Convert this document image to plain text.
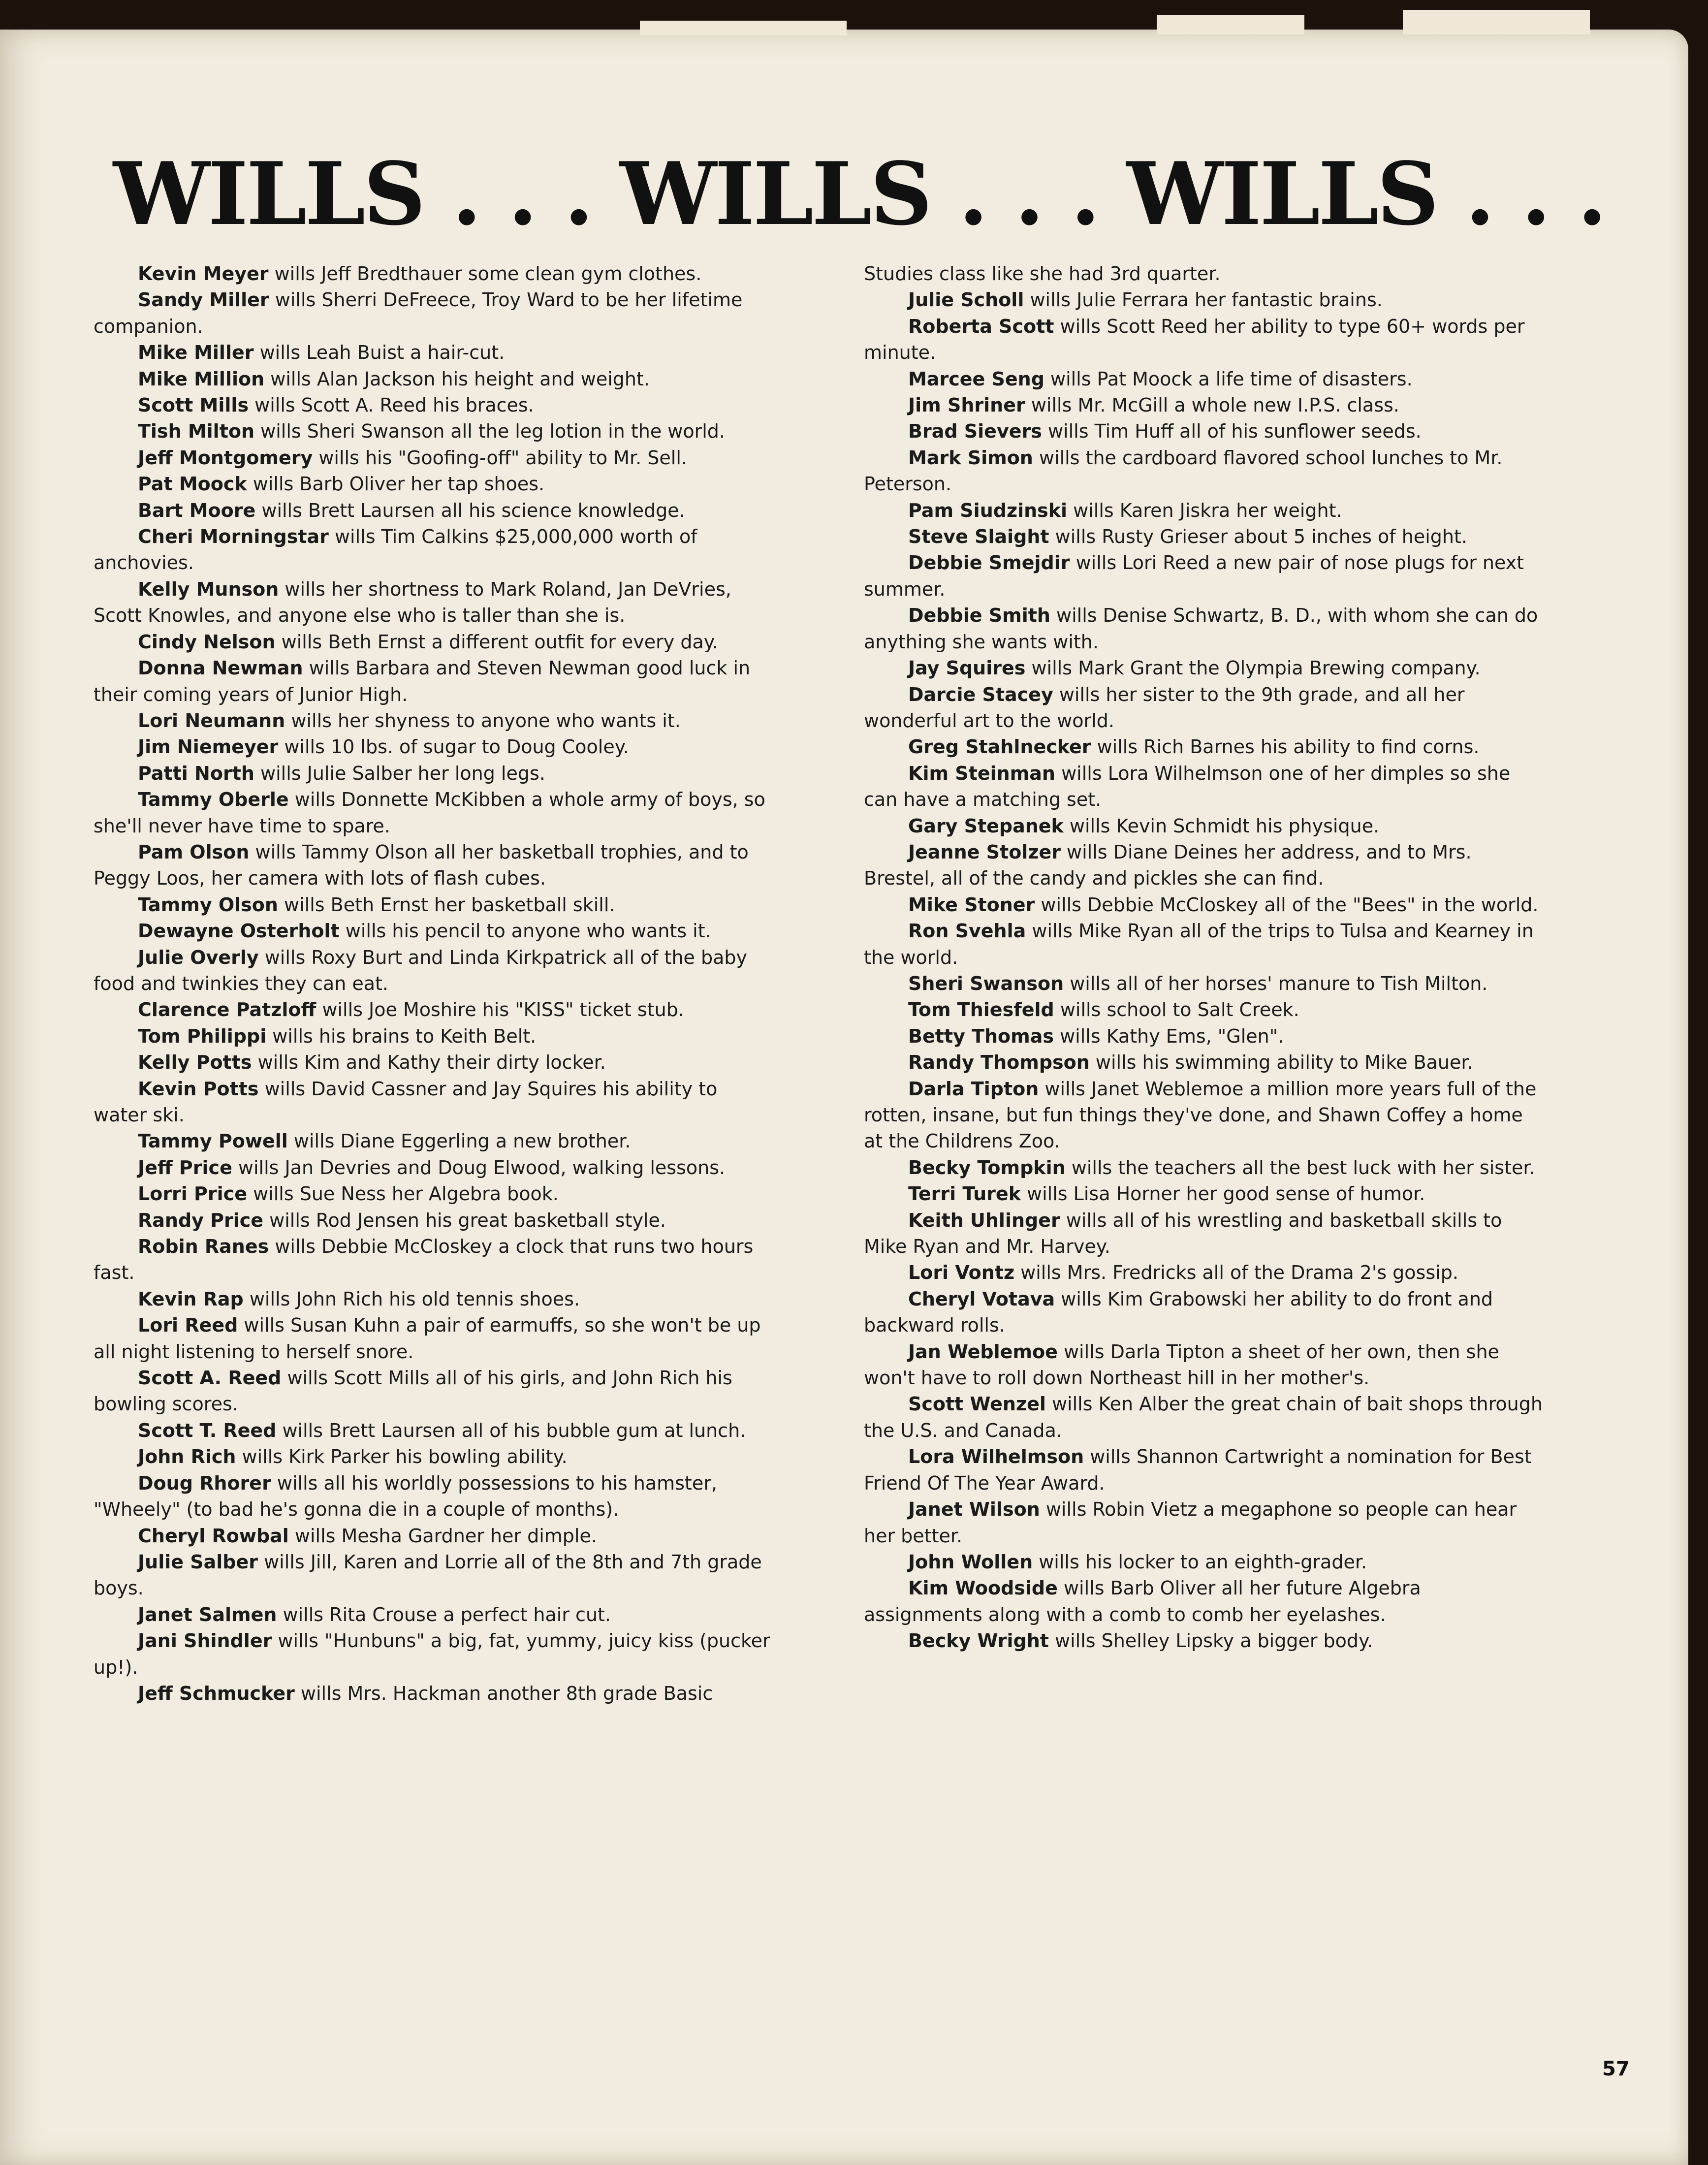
WILLS . . . WILLS . . . WILLS . . .

Kevin Meyer wills Jeff Bredthauer some clean gym clothes.

Sandy Miller wills Sherri DeFreece, Troy Ward to be her lifetime companion.

Mike Miller wills Leah Buist a hair-cut.

Mike Million wills Alan Jackson his height and weight.

Scott Mills wills Scott A. Reed his braces.

Tish Milton wills Sheri Swanson all the leg lotion in the world.

Jeff Montgomery wills his "Goofing-off" ability to Mr. Sell.

Pat Moock wills Barb Oliver her tap shoes.

Bart Moore wills Brett Laursen all his science knowledge.

Cheri Morningstar wills Tim Calkins $25,000,000 worth of anchovies.

Kelly Munson wills her shortness to Mark Roland, Jan DeVries, Scott Knowles, and anyone else who is taller than she is.

Cindy Nelson wills Beth Ernst a different outfit for every day.

Donna Newman wills Barbara and Steven Newman good luck in their coming years of Junior High.

Lori Neumann wills her shyness to anyone who wants it.

Jim Niemeyer wills 10 lbs. of sugar to Doug Cooley.

Patti North wills Julie Salber her long legs.

Tammy Oberle wills Donnette McKibben a whole army of boys, so she'll never have time to spare.

Pam Olson wills Tammy Olson all her basketball trophies, and to Peggy Loos, her camera with lots of flash cubes.

Tammy Olson wills Beth Ernst her basketball skill.

Dewayne Osterholt wills his pencil to anyone who wants it.

Julie Overly wills Roxy Burt and Linda Kirkpatrick all of the baby food and twinkies they can eat.

Clarence Patzloff wills Joe Moshire his "KISS" ticket stub.

Tom Philippi wills his brains to Keith Belt.

Kelly Potts wills Kim and Kathy their dirty locker.

Kevin Potts wills David Cassner and Jay Squires his ability to water ski.

Tammy Powell wills Diane Eggerling a new brother.

Jeff Price wills Jan Devries and Doug Elwood, walking lessons.

Lorri Price wills Sue Ness her Algebra book.

Randy Price wills Rod Jensen his great basketball style.

Robin Ranes wills Debbie McCloskey a clock that runs two hours fast.

Kevin Rap wills John Rich his old tennis shoes.

Lori Reed wills Susan Kuhn a pair of earmuffs, so she won't be up all night listening to herself snore.

Scott A. Reed wills Scott Mills all of his girls, and John Rich his bowling scores.

Scott T. Reed wills Brett Laursen all of his bubble gum at lunch.

John Rich wills Kirk Parker his bowling ability.

Doug Rhorer wills all his worldly possessions to his hamster, "Wheely" (to bad he's gonna die in a couple of months).

Cheryl Rowbal wills Mesha Gardner her dimple.

Julie Salber wills Jill, Karen and Lorrie all of the 8th and 7th grade boys.

Janet Salmen wills Rita Crouse a perfect hair cut.

Jani Shindler wills "Hunbuns" a big, fat, yummy, juicy kiss (pucker up!).

Jeff Schmucker wills Mrs. Hackman another 8th grade Basic

Studies class like she had 3rd quarter.

Julie Scholl wills Julie Ferrara her fantastic brains.

Roberta Scott wills Scott Reed her ability to type 60+ words per minute.

Marcee Seng wills Pat Moock a life time of disasters.

Jim Shriner wills Mr. McGill a whole new I.P.S. class.

Brad Sievers wills Tim Huff all of his sunflower seeds.

Mark Simon wills the cardboard flavored school lunches to Mr. Peterson.

Pam Siudzinski wills Karen Jiskra her weight.

Steve Slaight wills Rusty Grieser about 5 inches of height.

Debbie Smejdir wills Lori Reed a new pair of nose plugs for next summer.

Debbie Smith wills Denise Schwartz, B. D., with whom she can do anything she wants with.

Jay Squires wills Mark Grant the Olympia Brewing company.

Darcie Stacey wills her sister to the 9th grade, and all her wonderful art to the world.

Greg Stahlnecker wills Rich Barnes his ability to find corns.

Kim Steinman wills Lora Wilhelmson one of her dimples so she can have a matching set.

Gary Stepanek wills Kevin Schmidt his physique.

Jeanne Stolzer wills Diane Deines her address, and to Mrs. Brestel, all of the candy and pickles she can find.

Mike Stoner wills Debbie McCloskey all of the "Bees" in the world.

Ron Svehla wills Mike Ryan all of the trips to Tulsa and Kearney in the world.

Sheri Swanson wills all of her horses' manure to Tish Milton.

Tom Thiesfeld wills school to Salt Creek.

Betty Thomas wills Kathy Ems, "Glen".

Randy Thompson wills his swimming ability to Mike Bauer.

Darla Tipton wills Janet Weblemoe a million more years full of the rotten, insane, but fun things they've done, and Shawn Coffey a home at the Childrens Zoo.

Becky Tompkin wills the teachers all the best luck with her sister.

Terri Turek wills Lisa Horner her good sense of humor.

Keith Uhlinger wills all of his wrestling and basketball skills to Mike Ryan and Mr. Harvey.

Lori Vontz wills Mrs. Fredricks all of the Drama 2's gossip.

Cheryl Votava wills Kim Grabowski her ability to do front and backward rolls.

Jan Weblemoe wills Darla Tipton a sheet of her own, then she won't have to roll down Northeast hill in her mother's.

Scott Wenzel wills Ken Alber the great chain of bait shops through the U.S. and Canada.

Lora Wilhelmson wills Shannon Cartwright a nomination for Best Friend Of The Year Award.

Janet Wilson wills Robin Vietz a megaphone so people can hear her better.

John Wollen wills his locker to an eighth-grader.

Kim Woodside wills Barb Oliver all her future Algebra assignments along with a comb to comb her eyelashes.

Becky Wright wills Shelley Lipsky a bigger body.

57
